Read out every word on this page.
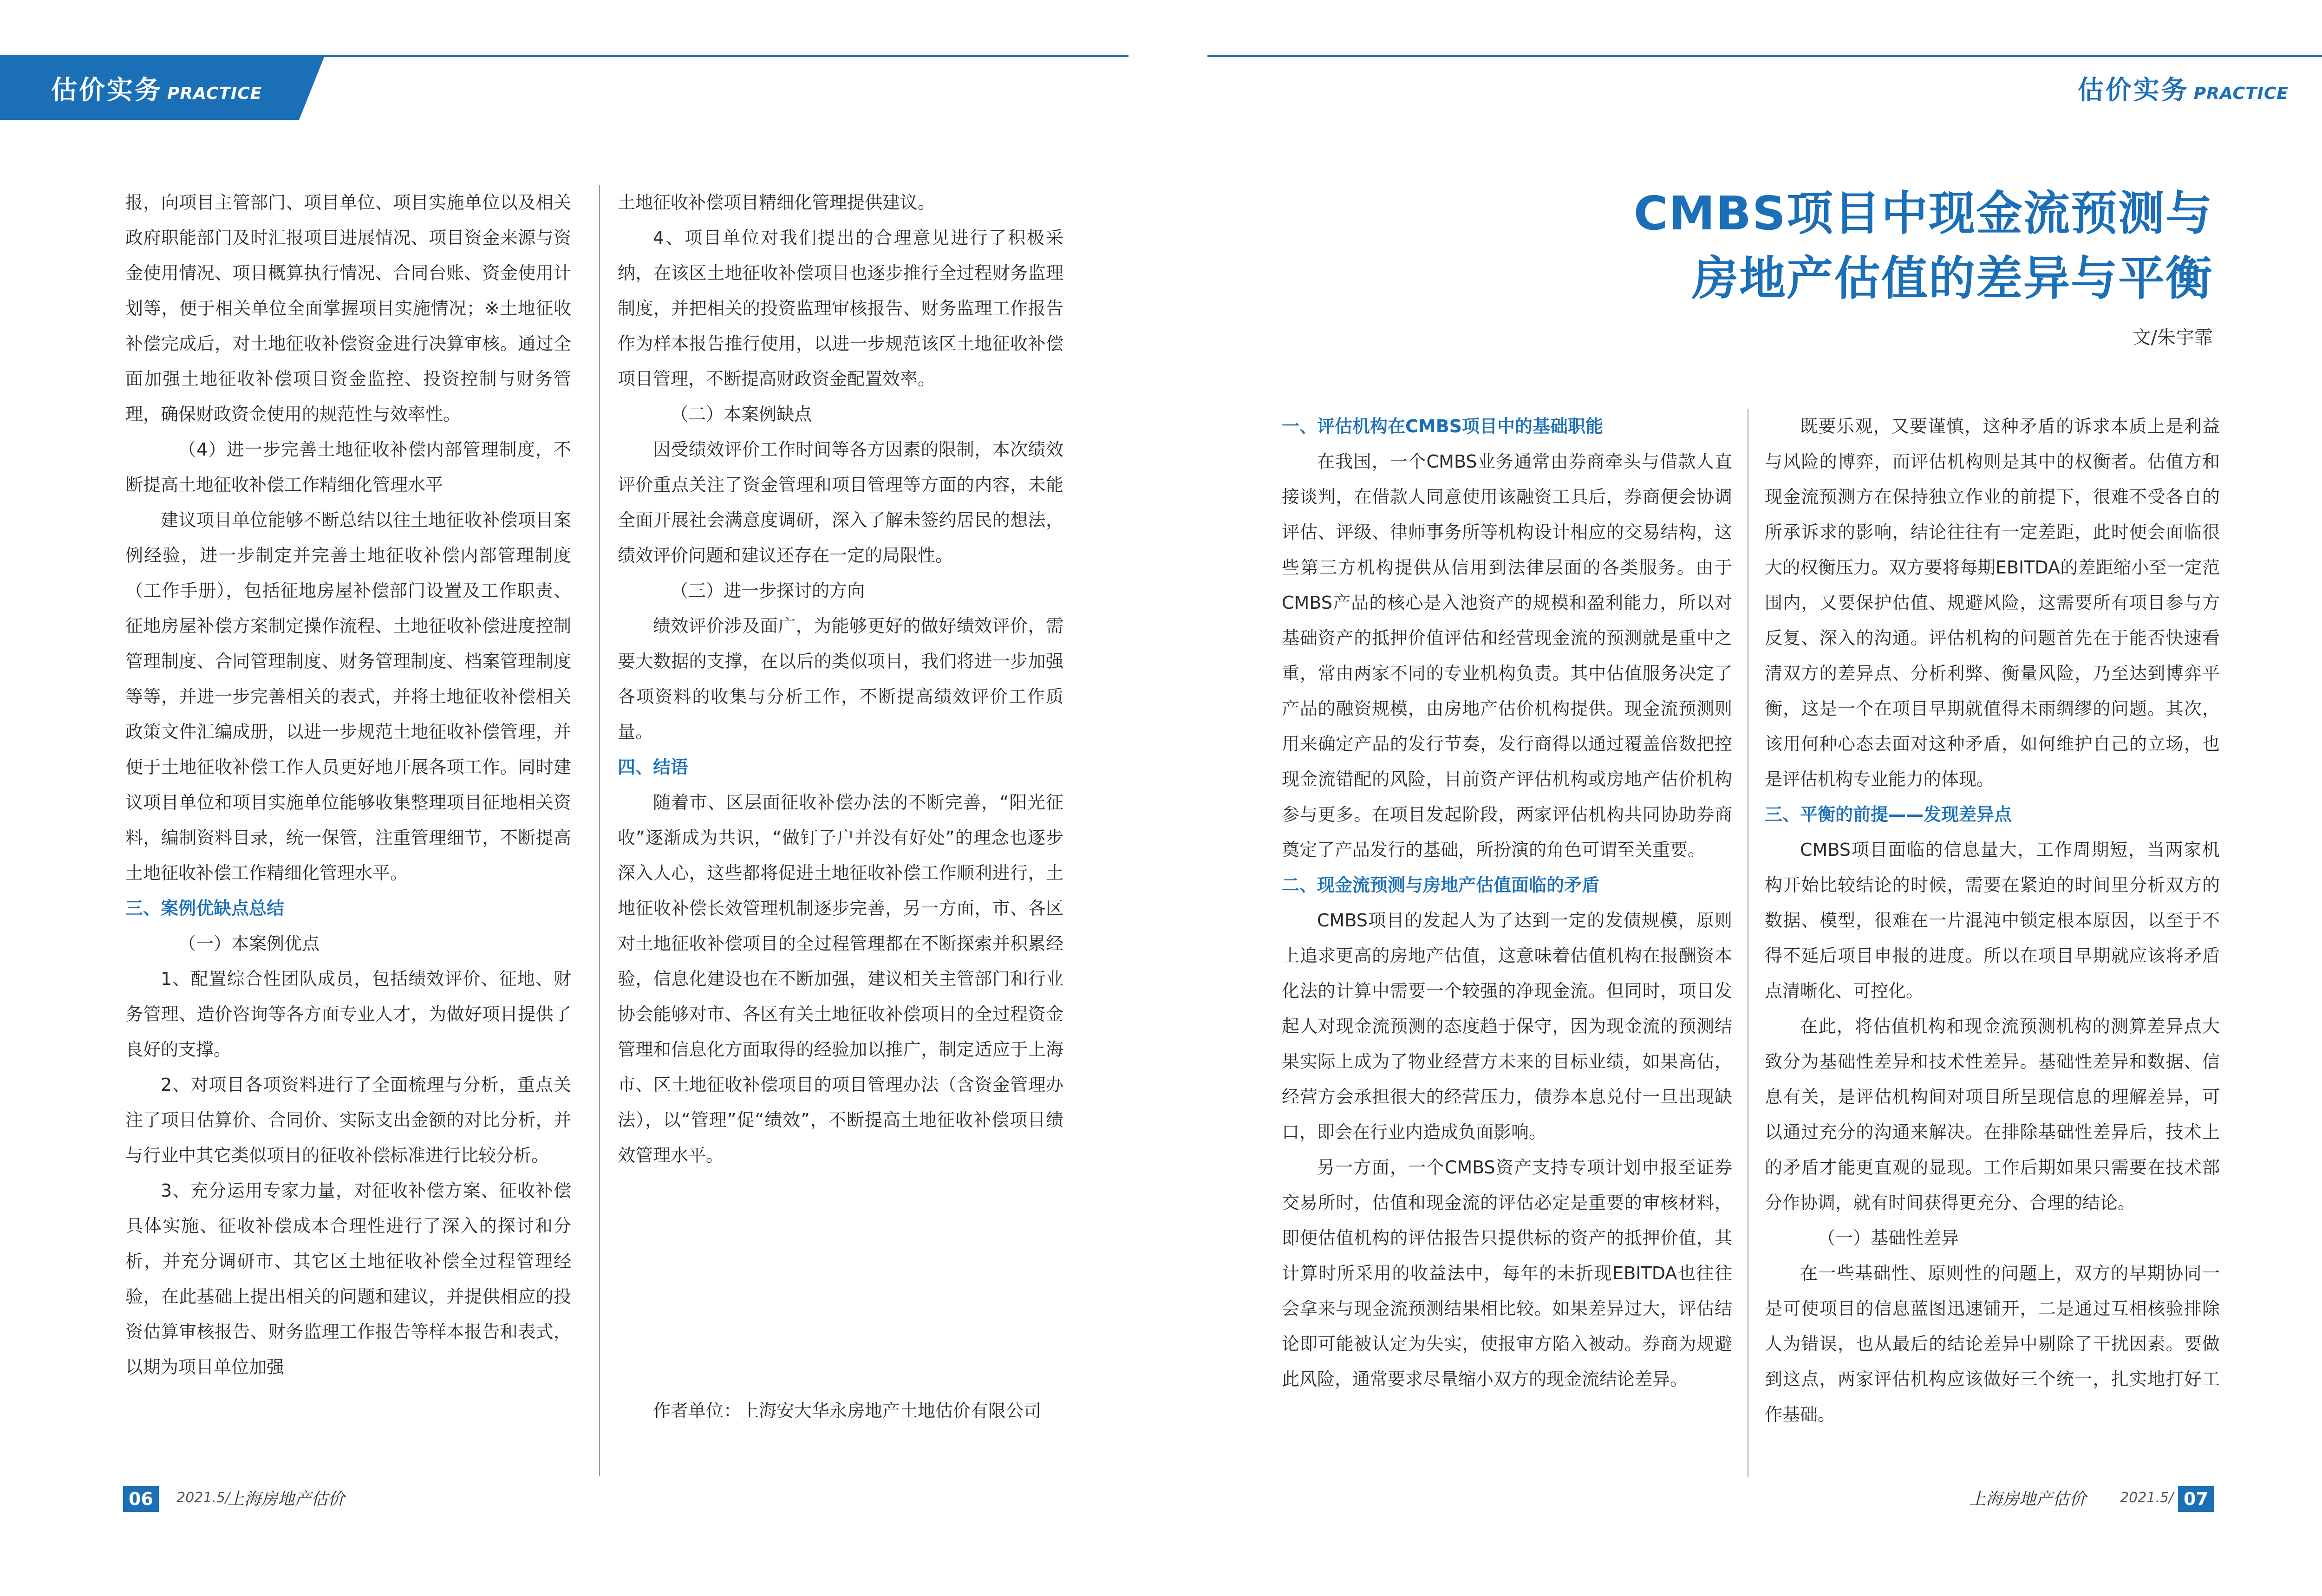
估价实务 PRACTICE	估价实务 PRACTICE

报，向项目主管部门、项目单位、项目实施单位以及相关政府职能部门及时汇报项目进展情况、项目资金来源与资金使用情况、项目概算执行情况、合同台账、资金使用计划等，便于相关单位全面掌握项目实施情况；※土地征收补偿完成后，对土地征收补偿资金进行决算审核。通过全面加强土地征收补偿项目资金监控、投资控制与财务管理，确保财政资金使用的规范性与效率性。

（4）进一步完善土地征收补偿内部管理制度，不断提高土地征收补偿工作精细化管理水平

建议项目单位能够不断总结以往土地征收补偿项目案例经验，进一步制定并完善土地征收补偿内部管理制度（工作手册），包括征地房屋补偿部门设置及工作职责、征地房屋补偿方案制定操作流程、土地征收补偿进度控制管理制度、合同管理制度、财务管理制度、档案管理制度等等，并进一步完善相关的表式，并将土地征收补偿相关政策文件汇编成册，以进一步规范土地征收补偿管理，并便于土地征收补偿工作人员更好地开展各项工作。同时建议项目单位和项目实施单位能够收集整理项目征地相关资料，编制资料目录，统一保管，注重管理细节，不断提高土地征收补偿工作精细化管理水平。

三、案例优缺点总结

（一）本案例优点

1、配置综合性团队成员，包括绩效评价、征地、财务管理、造价咨询等各方面专业人才，为做好项目提供了良好的支撑。

2、对项目各项资料进行了全面梳理与分析，重点关注了项目估算价、合同价、实际支出金额的对比分析，并与行业中其它类似项目的征收补偿标准进行比较分析。

3、充分运用专家力量，对征收补偿方案、征收补偿具体实施、征收补偿成本合理性进行了深入的探讨和分析，并充分调研市、其它区土地征收补偿全过程管理经验，在此基础上提出相关的问题和建议，并提供相应的投资估算审核报告、财务监理工作报告等样本报告和表式，以期为项目单位加强

土地征收补偿项目精细化管理提供建议。

4、项目单位对我们提出的合理意见进行了积极采纳，在该区土地征收补偿项目也逐步推行全过程财务监理制度，并把相关的投资监理审核报告、财务监理工作报告作为样本报告推行使用，以进一步规范该区土地征收补偿项目管理，不断提高财政资金配置效率。

（二）本案例缺点

因受绩效评价工作时间等各方因素的限制，本次绩效评价重点关注了资金管理和项目管理等方面的内容，未能全面开展社会满意度调研，深入了解未签约居民的想法，绩效评价问题和建议还存在一定的局限性。

（三）进一步探讨的方向

绩效评价涉及面广，为能够更好的做好绩效评价，需要大数据的支撑，在以后的类似项目，我们将进一步加强各项资料的收集与分析工作，不断提高绩效评价工作质量。

四、结语

随着市、区层面征收补偿办法的不断完善，“阳光征收”逐渐成为共识，“做钉子户并没有好处”的理念也逐步深入人心，这些都将促进土地征收补偿工作顺利进行，土地征收补偿长效管理机制逐步完善，另一方面，市、各区对土地征收补偿项目的全过程管理都在不断探索并积累经验，信息化建设也在不断加强，建议相关主管部门和行业协会能够对市、各区有关土地征收补偿项目的全过程资金管理和信息化方面取得的经验加以推广，制定适应于上海市、区土地征收补偿项目的项目管理办法（含资金管理办法），以“管理”促“绩效”，不断提高土地征收补偿项目绩效管理水平。

作者单位：上海安大华永房地产土地估价有限公司
CMBS项目中现金流预测与
房地产估值的差异与平衡
文/朱宇霏
一、评估机构在CMBS项目中的基础职能

在我国，一个CMBS业务通常由券商牵头与借款人直接谈判，在借款人同意使用该融资工具后，券商便会协调评估、评级、律师事务所等机构设计相应的交易结构，这些第三方机构提供从信用到法律层面的各类服务。由于CMBS产品的核心是入池资产的规模和盈利能力，所以对基础资产的抵押价值评估和经营现金流的预测就是重中之重，常由两家不同的专业机构负责。其中估值服务决定了产品的融资规模，由房地产估价机构提供。现金流预测则用来确定产品的发行节奏，发行商得以通过覆盖倍数把控现金流错配的风险，目前资产评估机构或房地产估价机构参与更多。在项目发起阶段，两家评估机构共同协助券商奠定了产品发行的基础，所扮演的角色可谓至关重要。

二、现金流预测与房地产估值面临的矛盾

CMBS项目的发起人为了达到一定的发债规模，原则上追求更高的房地产估值，这意味着估值机构在报酬资本化法的计算中需要一个较强的净现金流。但同时，项目发起人对现金流预测的态度趋于保守，因为现金流的预测结果实际上成为了物业经营方未来的目标业绩，如果高估，经营方会承担很大的经营压力，债券本息兑付一旦出现缺口，即会在行业内造成负面影响。

另一方面，一个CMBS资产支持专项计划申报至证券交易所时，估值和现金流的评估必定是重要的审核材料，即便估值机构的评估报告只提供标的资产的抵押价值，其计算时所采用的收益法中，每年的未折现EBITDA也往往会拿来与现金流预测结果相比较。如果差异过大，评估结论即可能被认定为失实，使报审方陷入被动。券商为规避此风险，通常要求尽量缩小双方的现金流结论差异。

既要乐观，又要谨慎，这种矛盾的诉求本质上是利益与风险的博弈，而评估机构则是其中的权衡者。估值方和现金流预测方在保持独立作业的前提下，很难不受各自的所承诉求的影响，结论往往有一定差距，此时便会面临很大的权衡压力。双方要将每期EBITDA的差距缩小至一定范围内，又要保护估值、规避风险，这需要所有项目参与方反复、深入的沟通。评估机构的问题首先在于能否快速看清双方的差异点、分析利弊、衡量风险，乃至达到博弈平衡，这是一个在项目早期就值得未雨绸缪的问题。其次，该用何种心态去面对这种矛盾，如何维护自己的立场，也是评估机构专业能力的体现。

三、平衡的前提——发现差异点

CMBS项目面临的信息量大，工作周期短，当两家机构开始比较结论的时候，需要在紧迫的时间里分析双方的数据、模型，很难在一片混沌中锁定根本原因，以至于不得不延后项目申报的进度。所以在项目早期就应该将矛盾点清晰化、可控化。

在此，将估值机构和现金流预测机构的测算差异点大致分为基础性差异和技术性差异。基础性差异和数据、信息有关，是评估机构间对项目所呈现信息的理解差异，可以通过充分的沟通来解决。在排除基础性差异后，技术上的矛盾才能更直观的显现。工作后期如果只需要在技术部分作协调，就有时间获得更充分、合理的结论。

（一）基础性差异

在一些基础性、原则性的问题上，双方的早期协同一是可使项目的信息蓝图迅速铺开，二是通过互相核验排除人为错误，也从最后的结论差异中剔除了干扰因素。要做到这点，两家评估机构应该做好三个统一，扎实地打好工作基础。

06	2021.5/
上海房地产估价	上海房地产估价 2021.5/ 07
